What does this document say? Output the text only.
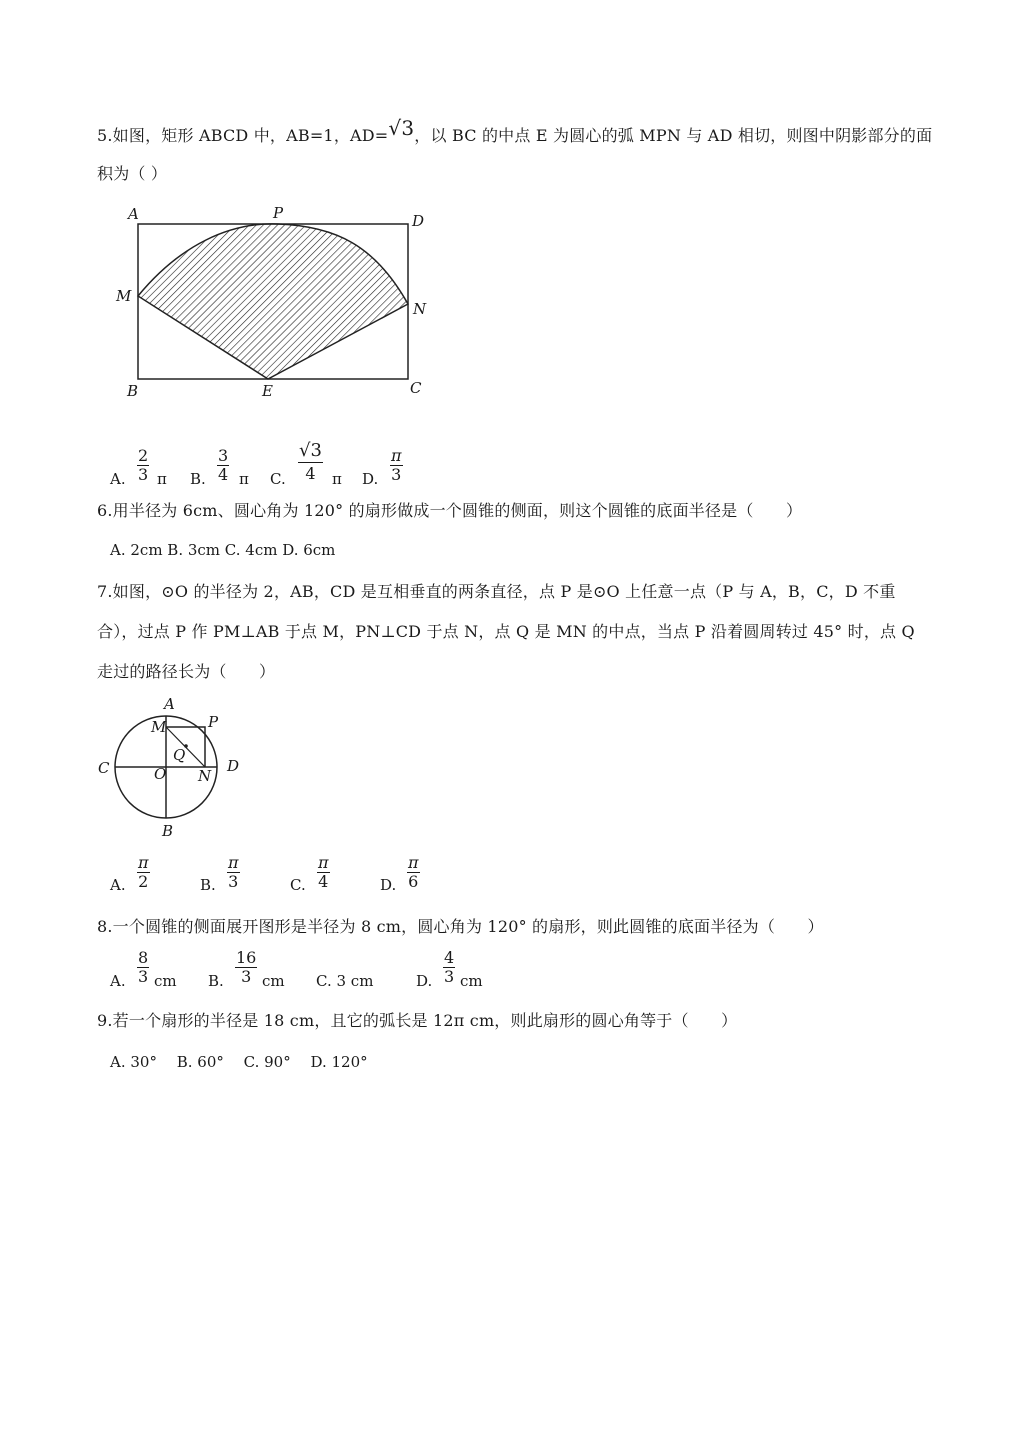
5.如图，矩形 ABCD 中，AB=1，AD=√3，以 BC 的中点 E 为圆心的弧 MPN 与 AD 相切，则图中阴影部分的面
积为（ ）
A	P	D
M
N
B	E	C
A. $\frac{2}{3}$ π B. $\frac{3}{4}$ π C. $\frac{√3}{4}$ π D. $\frac{\pi}{3}$
6.用半径为 6cm、圆心角为 120° 的扇形做成一个圆锥的侧面，则这个圆锥的底面半径是（　　）
A. 2cm B. 3cm C. 4cm D. 6cm
7.如图，⊙O 的半径为 2，AB，CD 是互相垂直的两条直径，点 P 是⊙O 上任意一点（P 与 A，B，C，D 不重
合），过点 P 作 PM⊥AB 于点 M，PN⊥CD 于点 N，点 Q 是 MN 的中点，当点 P 沿着圆周转过 45° 时，点 Q
走过的路径长为（　　）
A
M	P
Q
C	O N
D
B
A. $\frac{\pi}{2}$	B. $\frac{\pi}{3}$	C. $\frac{\pi}{4}$	D. $\frac{\pi}{6}$
8.一个圆锥的侧面展开图形是半径为 8 cm，圆心角为 120° 的扇形，则此圆锥的底面半径为（　　）
A. $\frac{8}{3}$ cm B. $\frac{16}{3}$ cm C. 3 cm	D. $\frac{4}{3}$ cm
9.若一个扇形的半径是 18 cm，且它的弧长是 12π cm，则此扇形的圆心角等于（　　）
A. 30°　 B. 60°　 C. 90°　 D. 120°
